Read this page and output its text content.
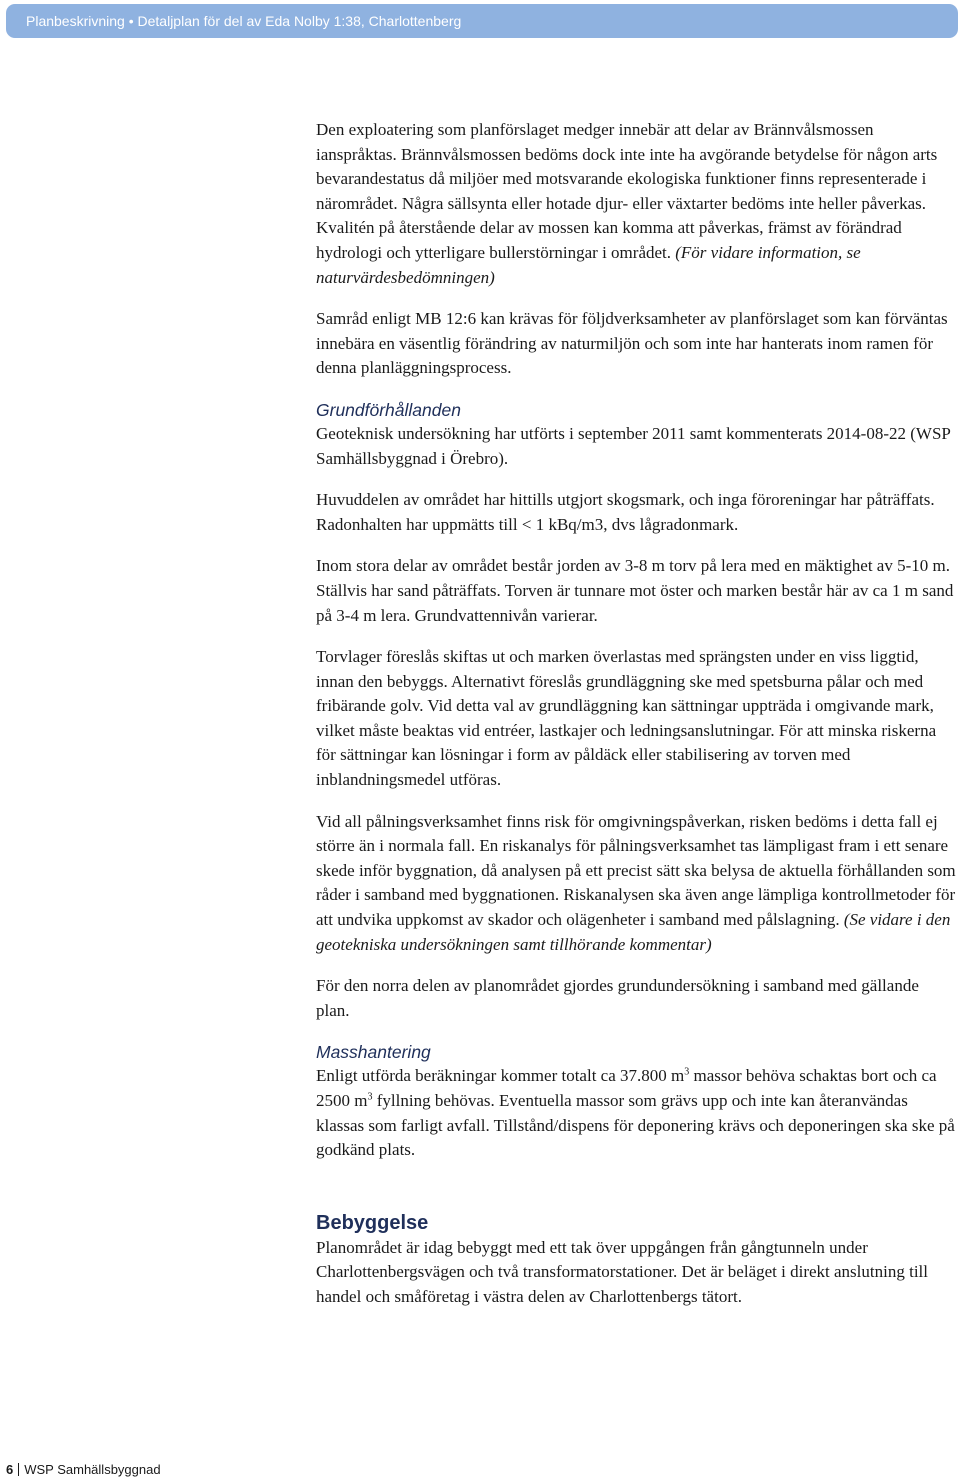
Planbeskrivning • Detaljplan för del av Eda Nolby 1:38, Charlottenberg

Den exploatering som planförslaget medger innebär att delar av Brännvålsmossen ianspråktas. Brännvålsmossen bedöms dock inte inte ha avgörande betydelse för någon arts bevarandestatus då miljöer med motsvarande ekologiska funktioner finns representerade i närområdet. Några sällsynta eller hotade djur- eller växtarter bedöms inte heller påverkas. Kvalitén på återstående delar av mossen kan komma att påverkas, främst av förändrad hydrologi och ytterligare bullerstörningar i området. (För vidare information, se naturvärdesbedömningen)

Samråd enligt MB 12:6 kan krävas för följdverksamheter av planförslaget som kan förväntas innebära en väsentlig förändring av naturmiljön och som inte har hanterats inom ramen för denna planläggningsprocess.

Grundförhållanden

Geoteknisk undersökning har utförts i september 2011 samt kommenterats 2014-08-22 (WSP Samhällsbyggnad i Örebro).

Huvuddelen av området har hittills utgjort skogsmark, och inga föroreningar har påträffats. Radonhalten har uppmätts till < 1 kBq/m3, dvs lågradonmark.

Inom stora delar av området består jorden av 3-8 m torv på lera med en mäktighet av 5-10 m. Ställvis har sand påträffats. Torven är tunnare mot öster och marken består här av ca 1 m sand på 3-4 m lera. Grundvattennivån varierar.

Torvlager föreslås skiftas ut och marken överlastas med sprängsten under en viss liggtid, innan den bebyggs. Alternativt föreslås grundläggning ske med spetsburna pålar och med fribärande golv. Vid detta val av grundläggning kan sättningar uppträda i omgivande mark, vilket måste beaktas vid entréer, lastkajer och ledningsanslutningar. För att minska riskerna för sättningar kan lösningar i form av påldäck eller stabilisering av torven med inblandningsmedel utföras.

Vid all pålningsverksamhet finns risk för omgivningspåverkan, risken bedöms i detta fall ej större än i normala fall. En riskanalys för pålningsverksamhet tas lämpligast fram i ett senare skede inför byggnation, då analysen på ett precist sätt ska belysa de aktuella förhållanden som råder i samband med byggnationen. Riskanalysen ska även ange lämpliga kontrollmetoder för att undvika uppkomst av skador och olägenheter i samband med pålslagning. (Se vidare i den geotekniska undersökningen samt tillhörande kommentar)

För den norra delen av planområdet gjordes grundundersökning i samband med gällande plan.

Masshantering

Enligt utförda beräkningar kommer totalt ca 37.800 $m^3$ massor behöva schaktas bort och ca 2500 $m^3$ fyllning behövas. Eventuella massor som grävs upp och inte kan återanvändas klassas som farligt avfall. Tillstånd/dispens för deponering krävs och deponeringen ska ske på godkänd plats.

Bebyggelse

Planområdet är idag bebyggt med ett tak över uppgången från gångtunneln under Charlottenbergsvägen och två transformatorstationer. Det är beläget i direkt anslutning till handel och småföretag i västra delen av Charlottenbergs tätort.

6 WSP Samhällsbyggnad
